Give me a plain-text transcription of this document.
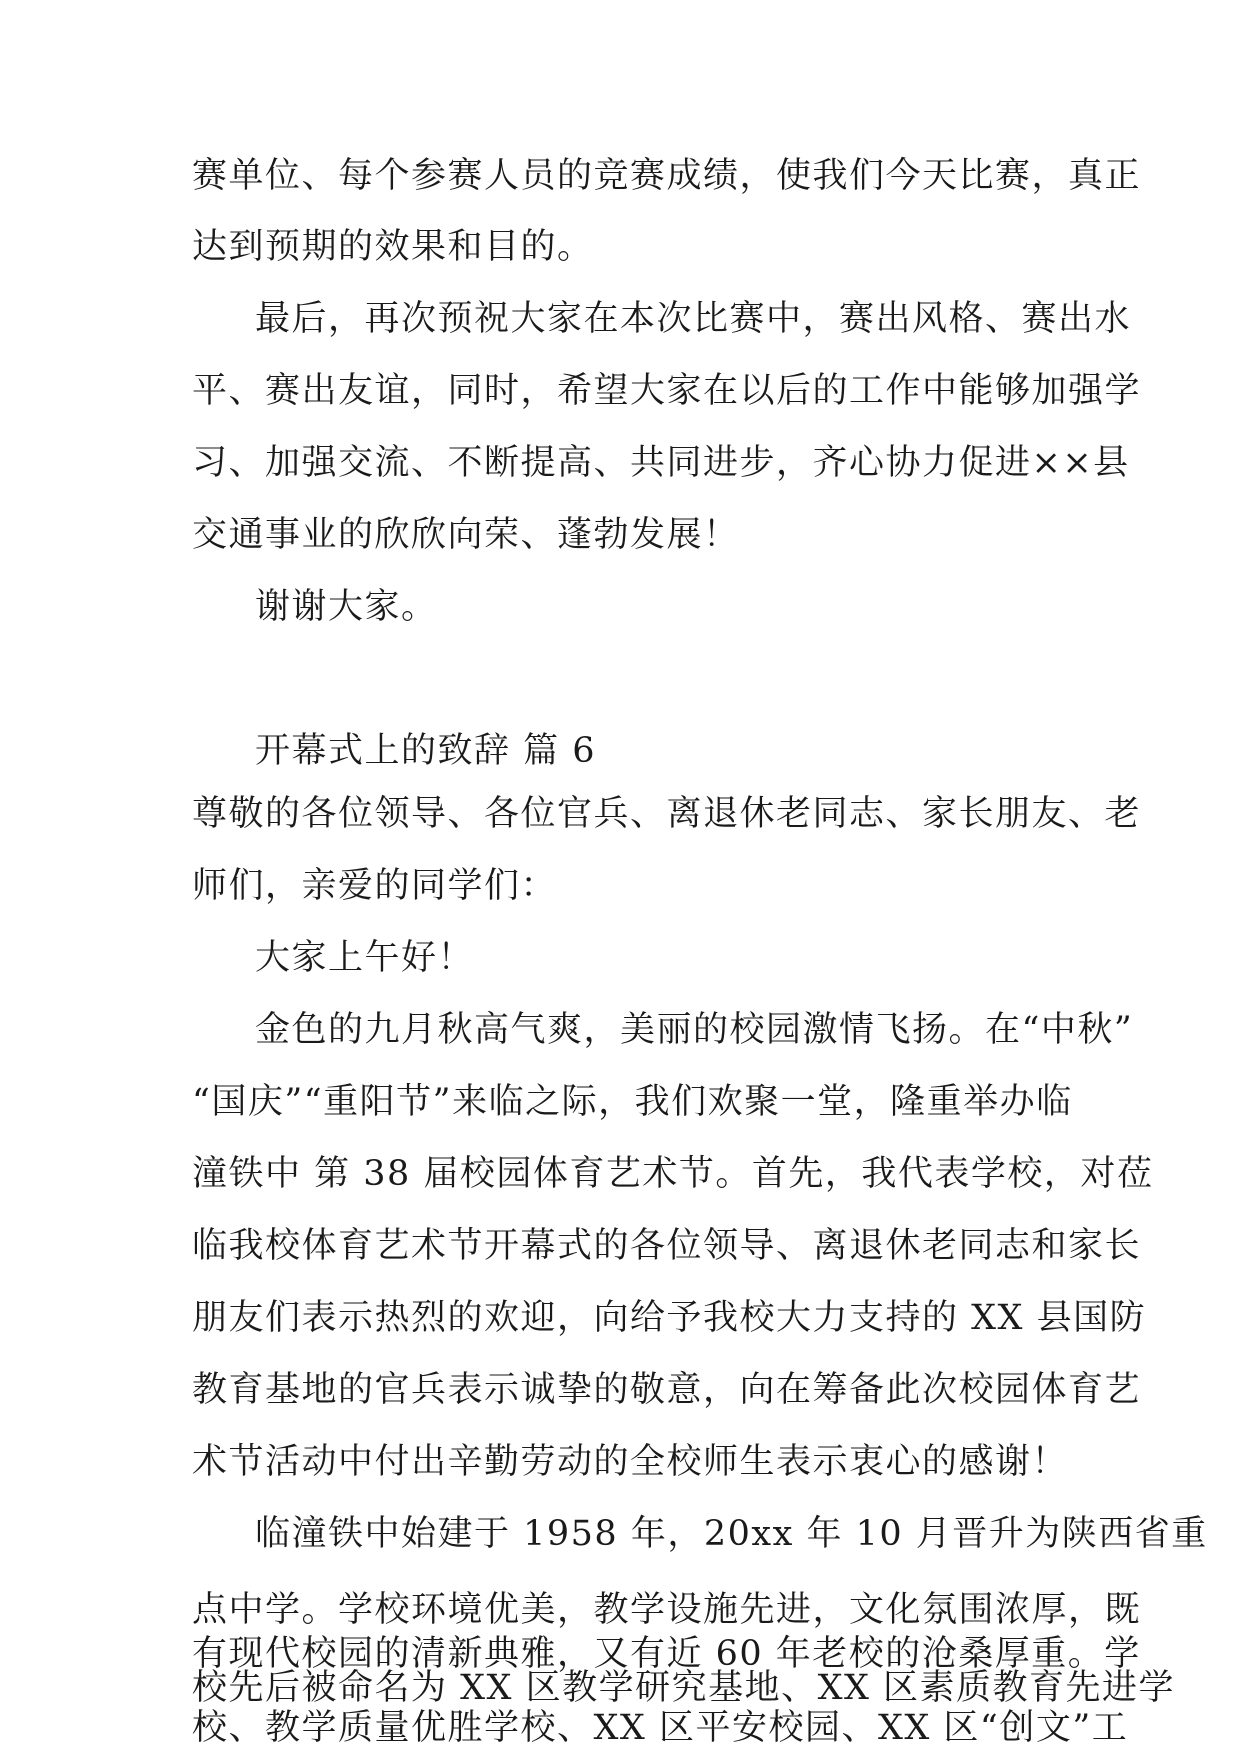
赛单位、每个参赛人员的竞赛成绩，使我们今天比赛，真正
达到预期的效果和目的。
最后，再次预祝大家在本次比赛中，赛出风格、赛出水
平、赛出友谊，同时，希望大家在以后的工作中能够加强学
习、加强交流、不断提高、共同进步，齐心协力促进××县
交通事业的欣欣向荣、蓬勃发展！
谢谢大家。
开幕式上的致辞 篇 6
尊敬的各位领导、各位官兵、离退休老同志、家长朋友、老
师们，亲爱的同学们：
大家上午好！
金色的九月秋高气爽，美丽的校园激情飞扬。在“中秋”
“国庆”“重阳节”来临之际，我们欢聚一堂，隆重举办临
潼铁中 第 38 届校园体育艺术节。首先，我代表学校，对莅
临我校体育艺术节开幕式的各位领导、离退休老同志和家长
朋友们表示热烈的欢迎，向给予我校大力支持的 XX 县国防
教育基地的官兵表示诚挚的敬意，向在筹备此次校园体育艺
术节活动中付出辛勤劳动的全校师生表示衷心的感谢！
临潼铁中始建于 1958 年，20xx 年 10 月晋升为陕西省重
点中学。学校环境优美，教学设施先进，文化氛围浓厚，既
有现代校园的清新典雅，又有近 60 年老校的沧桑厚重。学
校先后被命名为 XX 区教学研究基地、XX 区素质教育先进学
校、教学质量优胜学校、XX 区平安校园、XX 区“创文”工
